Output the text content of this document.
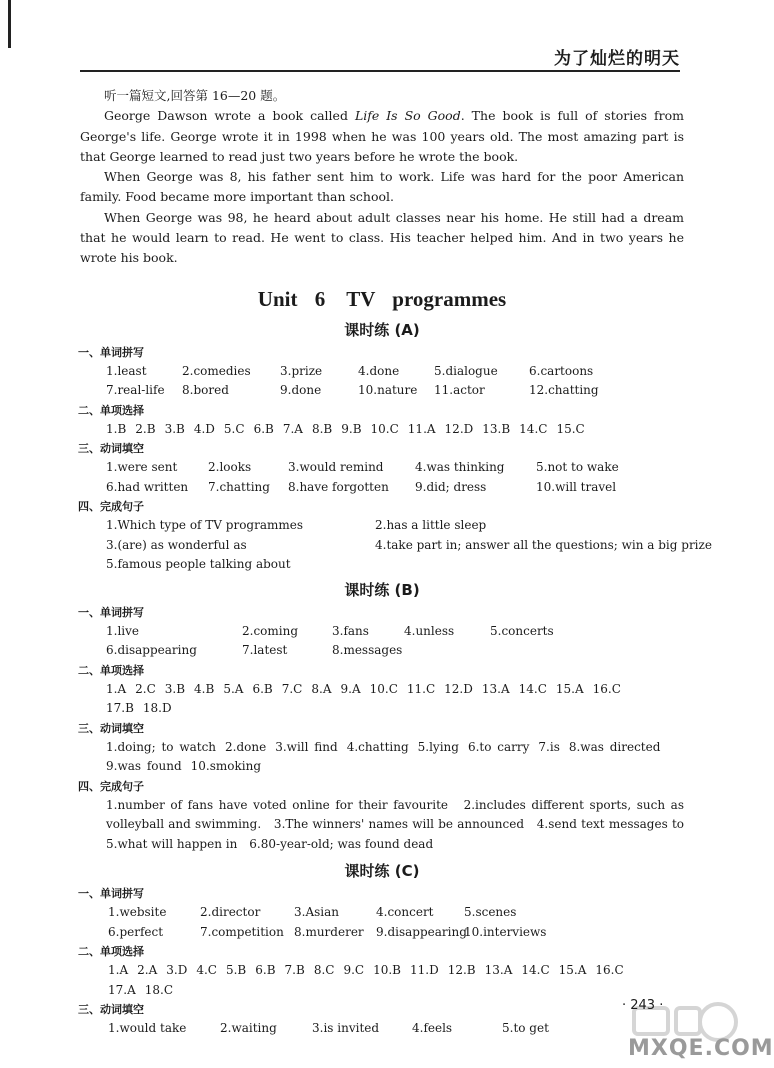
为了灿烂的明天

听一篇短文,回答第 16—20 题。

George Dawson wrote a book called Life Is So Good. The book is full of stories from George's life. George wrote it in 1998 when he was 100 years old. The most amazing part is that George learned to read just two years before he wrote the book.

When George was 8, his father sent him to work. Life was hard for the poor American family. Food became more important than school.

When George was 98, he heard about adult classes near his home. He still had a dream that he would learn to read. He went to class. His teacher helped him. And in two years he wrote his book.

Unit 6　TV programmes
课时练 (A)
一、单词拼写
1.least	2.comedies 3.prize	4.done	5.dialogue	6.cartoons
7.real-life 8.bored	9.done	10.nature 11.actor	12.chatting
二、单项选择
1.B 2.B 3.B 4.D 5.C 6.B 7.A 8.B 9.B 10.C 11.A 12.D 13.B 14.C 15.C
三、动词填空
1.were sent	2.looks	3.would remind	4.was thinking	5.not to wake
6.had written 7.chatting 8.have forgotten 9.did; dress	10.will travel
四、完成句子
1.Which type of TV programmes	2.has a little sleep
3.(are) as wonderful as	4.take part in; answer all the questions; win a big prize
5.famous people talking about
课时练 (B)
一、单词拼写
1.live	2.coming	3.fans	4.unless	5.concerts
6.disappearing	7.latest	8.messages
二、单项选择
1.A 2.C 3.B 4.B 5.A 6.B 7.C 8.A 9.A 10.C 11.C 12.D 13.A 14.C 15.A 16.C
17.B 18.D
三、动词填空
1.doing; to watch 2.done 3.will find 4.chatting 5.lying 6.to carry 7.is 8.was directed
9.was found 10.smoking
四、完成句子
1.number of fans have voted online for their favourite　2.includes different sports, such as volleyball and swimming.　3.The winners' names will be announced　4.send text messages to　5.what will happen in　6.80-year-old; was found dead
课时练 (C)
一、单词拼写
1.website	2.director	3.Asian	4.concert	5.scenes
6.perfect	7.competition 8.murderer 9.disappearing
10.interviews
二、单项选择
1.A 2.A 3.D 4.C 5.B 6.B 7.B 8.C 9.C 10.B 11.D 12.B 13.A 14.C 15.A 16.C
17.A 18.C
三、动词填空
1.would take	2.waiting	3.is invited	4.feels	5.to get
· 243 ·
MXQE.COM
